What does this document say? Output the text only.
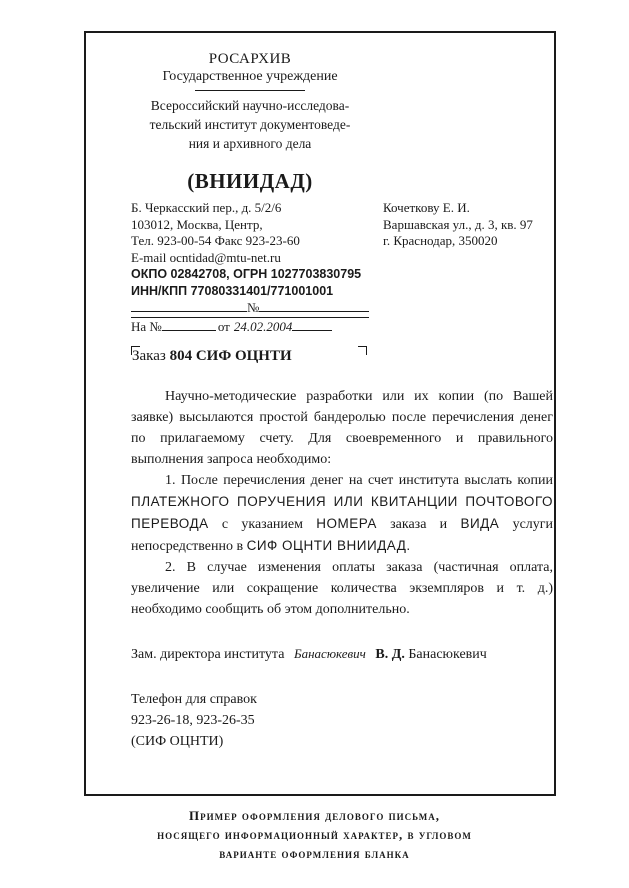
РОСАРХИВ
Государственное учреждение
Всероссийский научно-исследова-
тельский институт документоведе-
ния и архивного дела
(ВНИИДАД)
Б. Черкасский пер., д. 5/2/6
103012, Москва, Центр,
Тел. 923-00-54 Факс 923-23-60
E-mail ocntidad@mtu-net.ru
ОКПО 02842708, ОГРН 1027703830795
ИНН/КПП 77080331401/771001001
№
На №	от 24.02.2004
Кочеткову Е. И.
Варшавская ул., д. 3, кв. 97
г. Краснодар, 350020
Заказ 804 СИФ ОЦНТИ

Научно-методические разработки или их копии (по Вашей заявке) высылаются простой бандеролью после перечисления денег по прилагаемому счету. Для своевременного и правильного выполнения запроса необходимо:

1. После перечисления денег на счет института выслать копии ПЛАТЕЖНОГО ПОРУЧЕНИЯ ИЛИ КВИТАНЦИИ ПОЧТОВОГО ПЕРЕВОДА с указанием НОМЕРА заказа и ВИДА услуги непосредственно в СИФ ОЦНТИ ВНИИДАД.

2. В случае изменения оплаты заказа (частичная оплата, увеличение или сокращение количества экземпляров и т. д.) необходимо сообщить об этом дополнительно.

Зам. директора института Банасюкевич В. Д. Банасюкевич
Телефон для справок
923-26-18, 923-26-35
(СИФ ОЦНТИ)
Пример оформления делового письма,
носящего информационный характер, в угловом
варианте оформления бланка
